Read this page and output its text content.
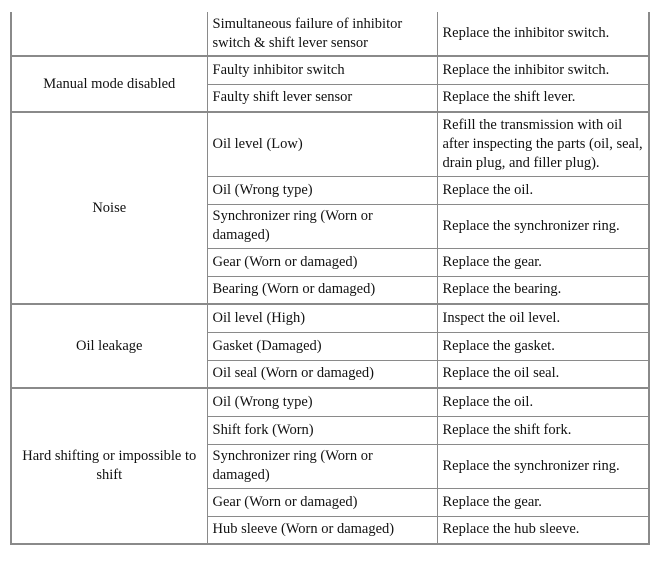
	Simultaneous failure of inhibitor switch & shift lever sensor	Replace the inhibitor switch.
Manual mode disabled	Faulty inhibitor switch	Replace the inhibitor switch.
	Faulty shift lever sensor	Replace the shift lever.
Noise	Oil level (Low)	Refill the transmission with oil after inspecting the parts (oil, seal, drain plug, and filler plug).
	Oil (Wrong type)	Replace the oil.
	Synchronizer ring (Worn or damaged)	Replace the synchronizer ring.
	Gear (Worn or damaged)	Replace the gear.
	Bearing (Worn or damaged)	Replace the bearing.
Oil leakage	Oil level (High)	Inspect the oil level.
	Gasket (Damaged)	Replace the gasket.
	Oil seal (Worn or damaged)	Replace the oil seal.
Hard shifting or impossible to shift	Oil (Wrong type)	Replace the oil.
	Shift fork (Worn)	Replace the shift fork.
	Synchronizer ring (Worn or damaged)	Replace the synchronizer ring.
	Gear (Worn or damaged)	Replace the gear.
	Hub sleeve (Worn or damaged)	Replace the hub sleeve.
